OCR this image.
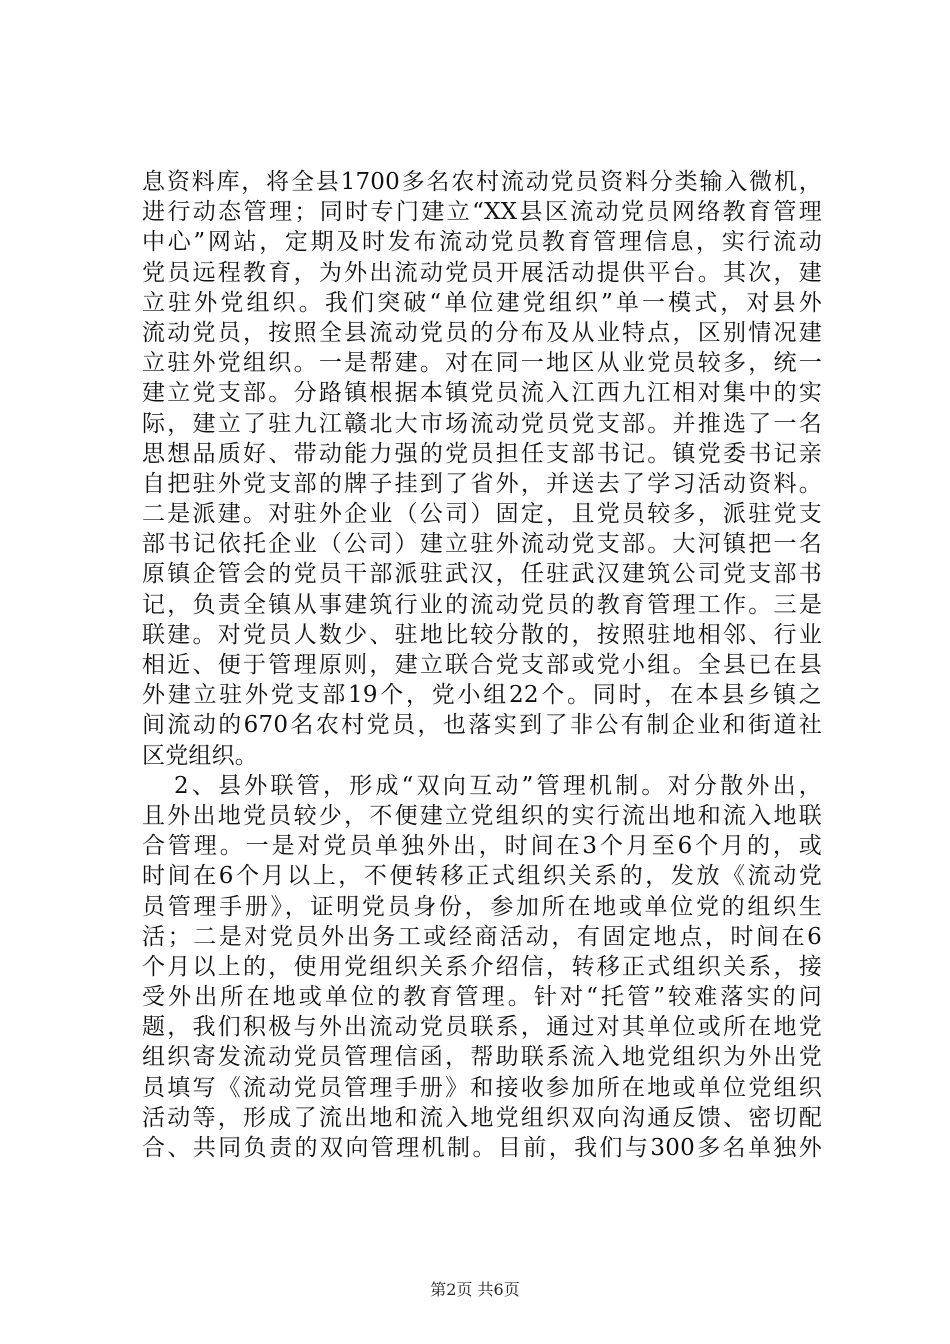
息资料库，将全县1700多名农村流动党员资料分类输入微机，
进行动态管理；同时专门建立“XX县区流动党员网络教育管理
中心”网站，定期及时发布流动党员教育管理信息，实行流动
党员远程教育，为外出流动党员开展活动提供平台。其次，建
立驻外党组织。我们突破“单位建党组织”单一模式，对县外
流动党员，按照全县流动党员的分布及从业特点，区别情况建
立驻外党组织。一是帮建。对在同一地区从业党员较多，统一
建立党支部。分路镇根据本镇党员流入江西九江相对集中的实
际，建立了驻九江赣北大市场流动党员党支部。并推选了一名
思想品质好、带动能力强的党员担任支部书记。镇党委书记亲
自把驻外党支部的牌子挂到了省外，并送去了学习活动资料。
二是派建。对驻外企业（公司）固定，且党员较多，派驻党支
部书记依托企业（公司）建立驻外流动党支部。大河镇把一名
原镇企管会的党员干部派驻武汉，任驻武汉建筑公司党支部书
记，负责全镇从事建筑行业的流动党员的教育管理工作。三是
联建。对党员人数少、驻地比较分散的，按照驻地相邻、行业
相近、便于管理原则，建立联合党支部或党小组。全县已在县
外建立驻外党支部19个，党小组22个。同时，在本县乡镇之
间流动的670名农村党员，也落实到了非公有制企业和街道社
区党组织。
2、县外联管，形成“双向互动”管理机制。对分散外出，
且外出地党员较少，不便建立党组织的实行流出地和流入地联
合管理。一是对党员单独外出，时间在3个月至6个月的，或
时间在6个月以上，不便转移正式组织关系的，发放《流动党
员管理手册》，证明党员身份，参加所在地或单位党的组织生
活；二是对党员外出务工或经商活动，有固定地点，时间在6
个月以上的，使用党组织关系介绍信，转移正式组织关系，接
受外出所在地或单位的教育管理。针对“托管”较难落实的问
题，我们积极与外出流动党员联系，通过对其单位或所在地党
组织寄发流动党员管理信函，帮助联系流入地党组织为外出党
员填写《流动党员管理手册》和接收参加所在地或单位党组织
活动等，形成了流出地和流入地党组织双向沟通反馈、密切配
合、共同负责的双向管理机制。目前，我们与300多名单独外
第2页 共6页
